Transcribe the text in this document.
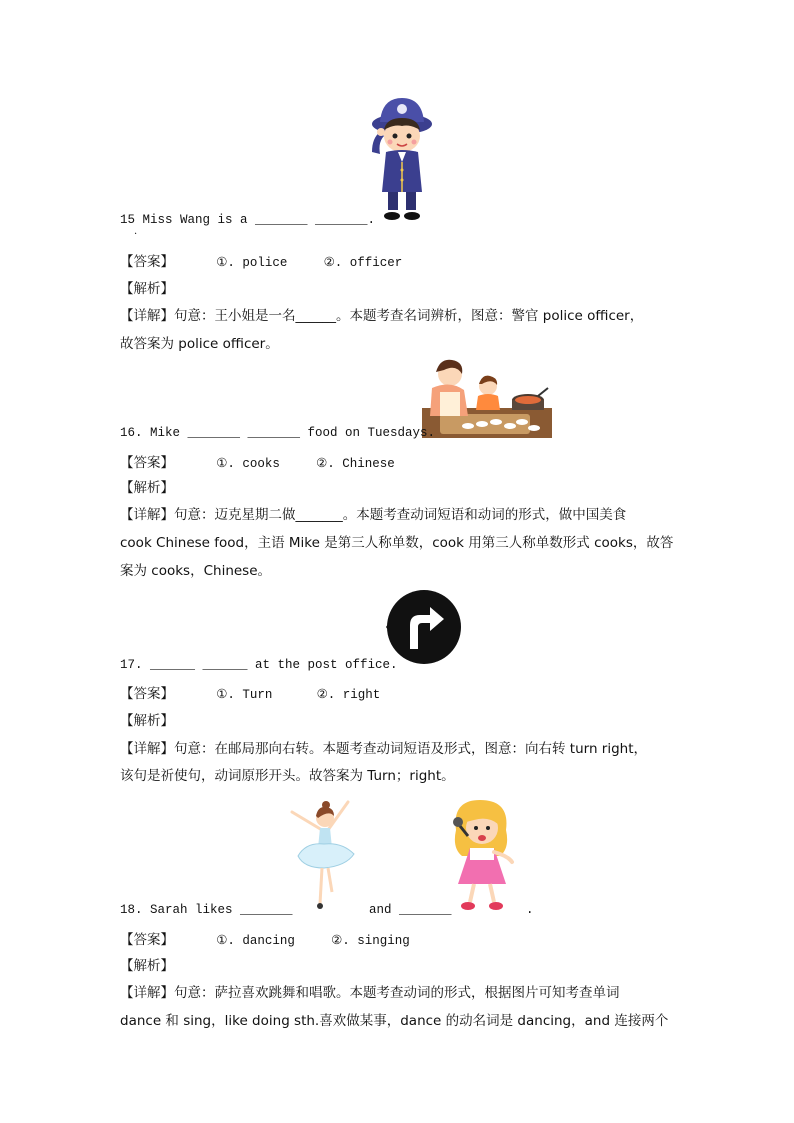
15 Miss Wang is a _______ _______.
.
【答案】	①. police	②. officer
【解析】
【详解】句意：王小姐是一名______。本题考查名词辨析，图意：警官 police officer，
故答案为 police officer。
16. Mike _______ _______ food on Tuesdays.
【答案】	①. cooks	②. Chinese
【解析】
【详解】句意：迈克星期二做_______。本题考查动词短语和动词的形式，做中国美食
cook Chinese food，主语 Mike 是第三人称单数，cook 用第三人称单数形式 cooks，故答
案为 cooks，Chinese。
17. ______ ______ at the post office.
【答案】	①. Turn	②. right
【解析】
【详解】句意：在邮局那向右转。本题考查动词短语及形式，图意：向右转 turn right，
该句是祈使句，动词原形开头。故答案为 Turn；right。
18. Sarah likes _______	and _______	.
【答案】	①. dancing	②. singing
【解析】
【详解】句意：萨拉喜欢跳舞和唱歌。本题考查动词的形式，根据图片可知考查单词
dance 和 sing，like doing sth.喜欢做某事，dance 的动名词是 dancing，and 连接两个
